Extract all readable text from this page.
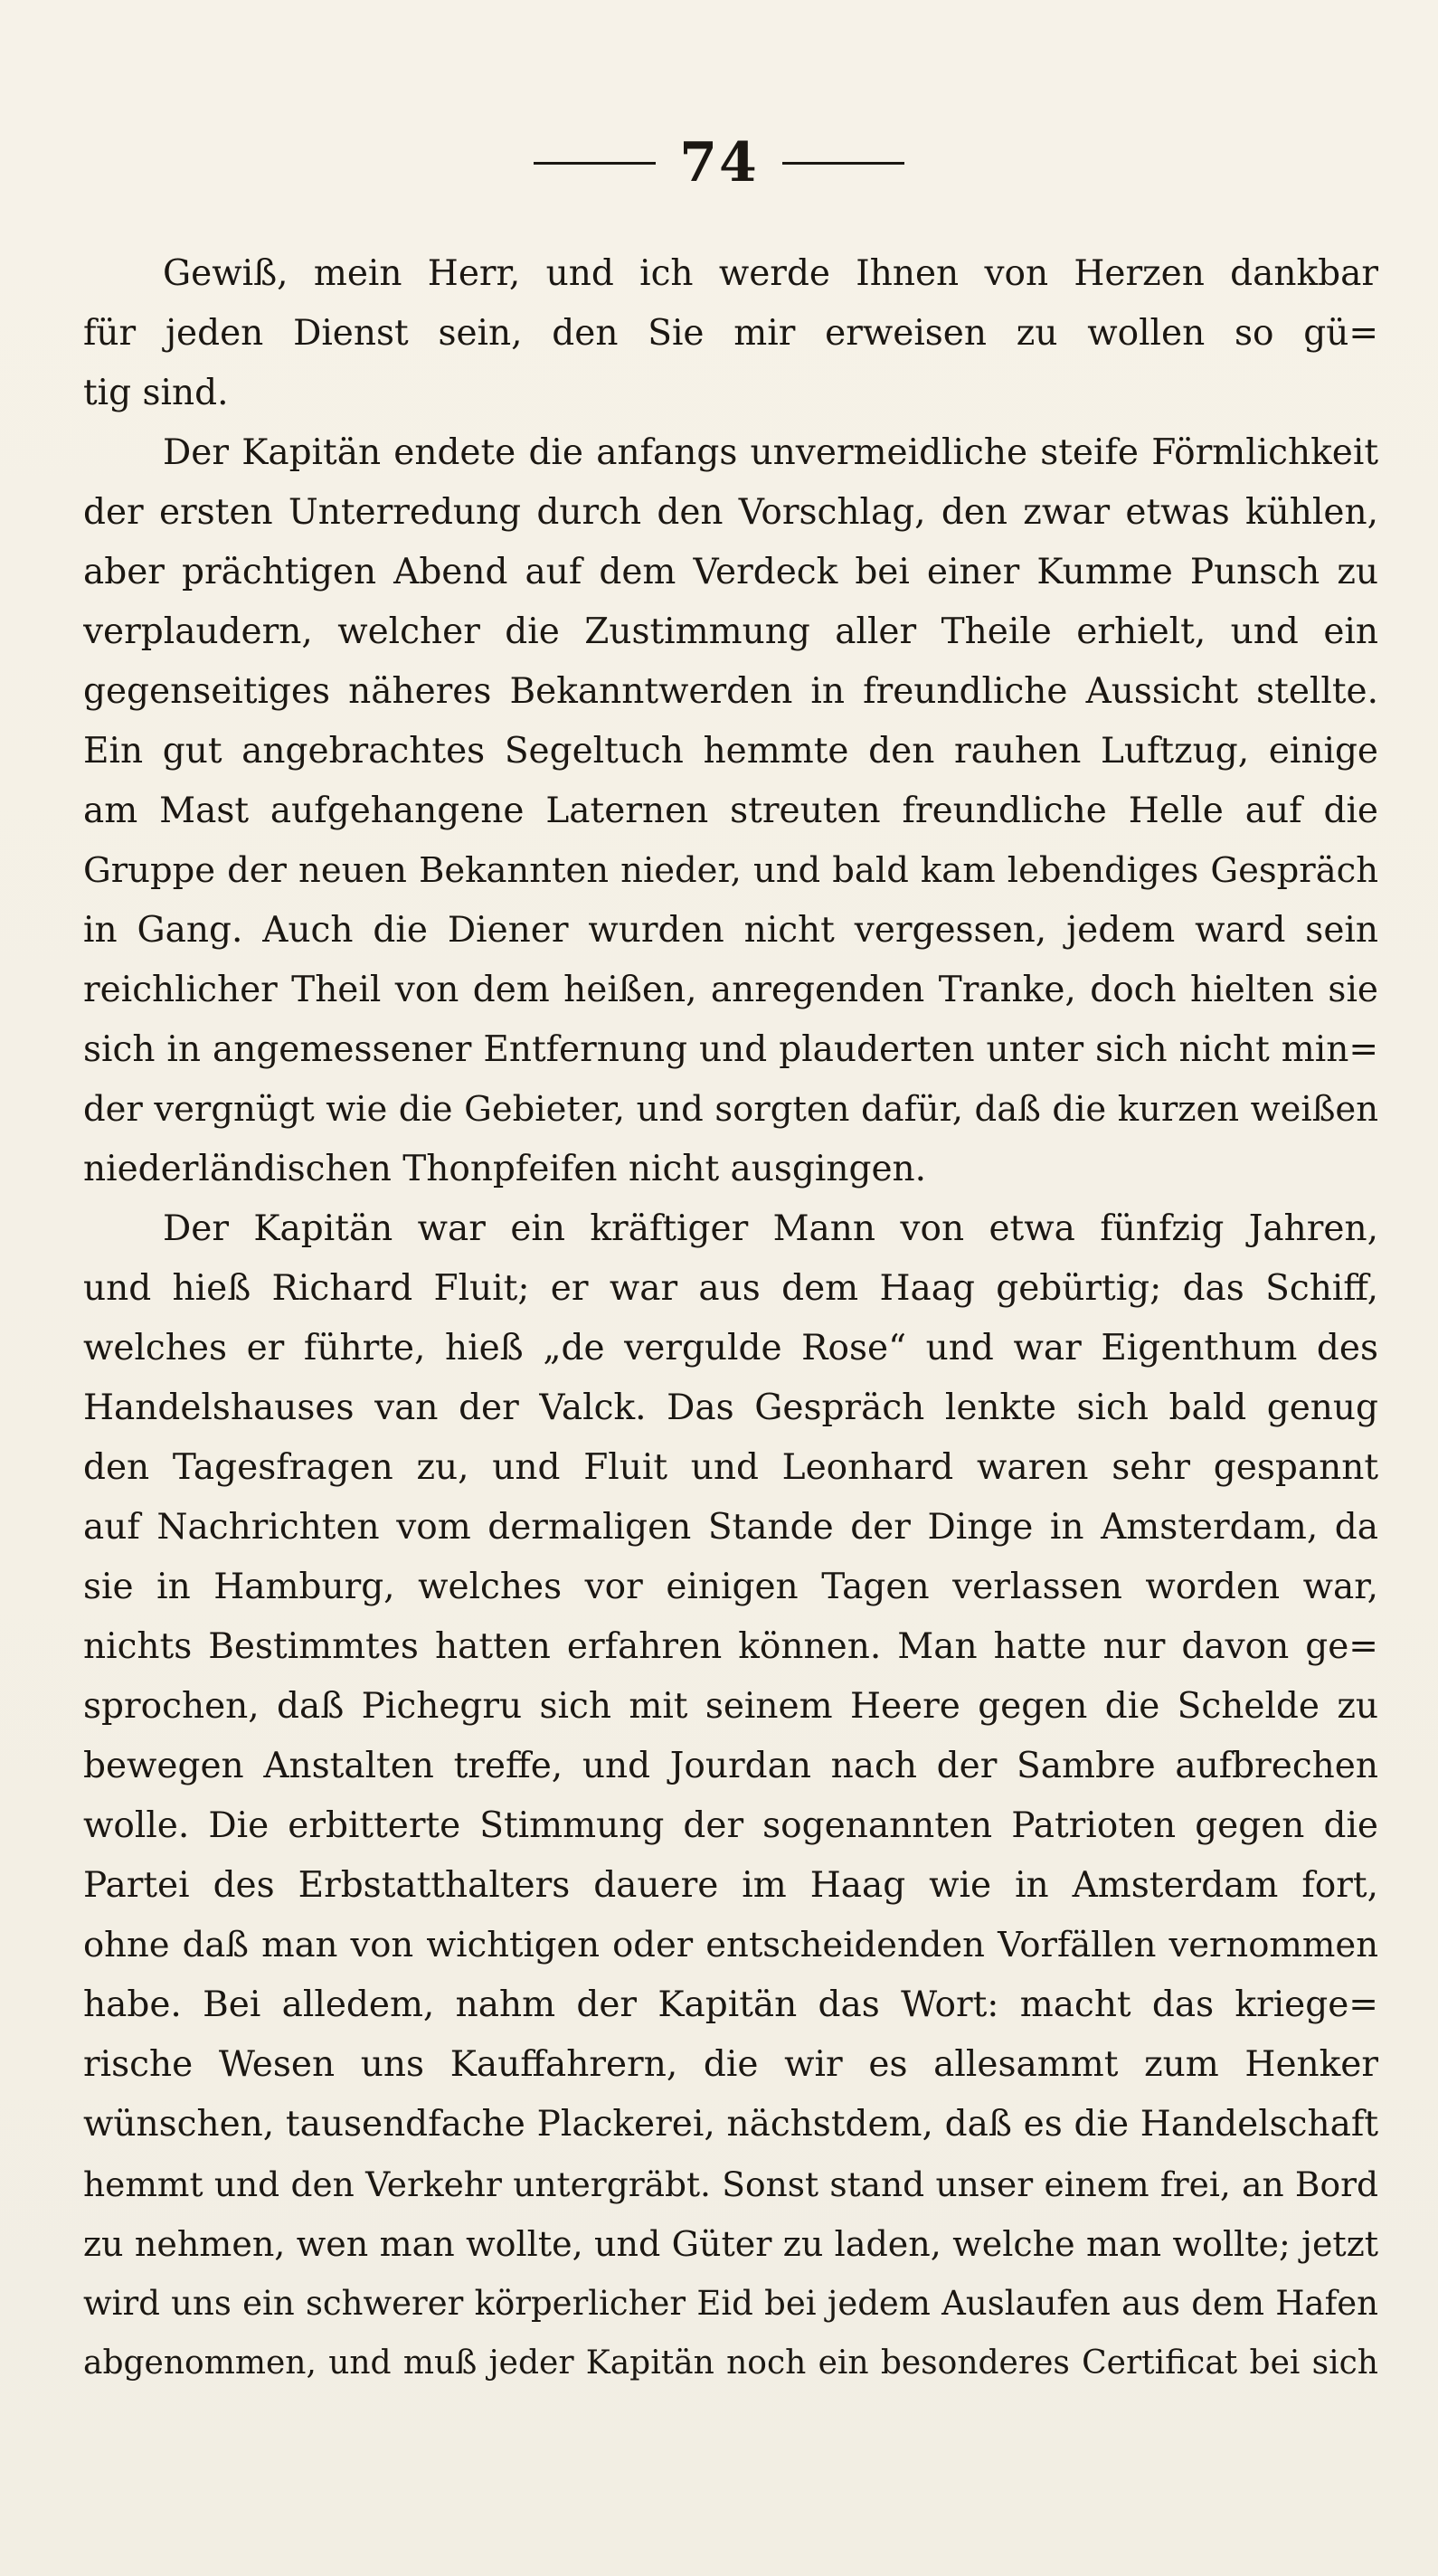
74
Gewiß, mein Herr, und ich werde Ihnen von Herzen dankbar
für jeden Dienst sein, den Sie mir erweisen zu wollen so gü=
tig sind.
Der Kapitän endete die anfangs unvermeidliche steife Förmlichkeit
der ersten Unterredung durch den Vorschlag, den zwar etwas kühlen,
aber prächtigen Abend auf dem Verdeck bei einer Kumme Punsch zu
verplaudern, welcher die Zustimmung aller Theile erhielt, und ein
gegenseitiges näheres Bekanntwerden in freundliche Aussicht stellte.
Ein gut angebrachtes Segeltuch hemmte den rauhen Luftzug, einige
am Mast aufgehangene Laternen streuten freundliche Helle auf die
Gruppe der neuen Bekannten nieder, und bald kam lebendiges Gespräch
in Gang. Auch die Diener wurden nicht vergessen, jedem ward sein
reichlicher Theil von dem heißen, anregenden Tranke, doch hielten sie
sich in angemessener Entfernung und plauderten unter sich nicht min=
der vergnügt wie die Gebieter, und sorgten dafür, daß die kurzen weißen
niederländischen Thonpfeifen nicht ausgingen.
Der Kapitän war ein kräftiger Mann von etwa fünfzig Jahren,
und hieß Richard Fluit; er war aus dem Haag gebürtig; das Schiff,
welches er führte, hieß „de vergulde Rose“ und war Eigenthum des
Handelshauses van der Valck. Das Gespräch lenkte sich bald genug
den Tagesfragen zu, und Fluit und Leonhard waren sehr gespannt
auf Nachrichten vom dermaligen Stande der Dinge in Amsterdam, da
sie in Hamburg, welches vor einigen Tagen verlassen worden war,
nichts Bestimmtes hatten erfahren können. Man hatte nur davon ge=
sprochen, daß Pichegru sich mit seinem Heere gegen die Schelde zu
bewegen Anstalten treffe, und Jourdan nach der Sambre aufbrechen
wolle. Die erbitterte Stimmung der sogenannten Patrioten gegen die
Partei des Erbstatthalters dauere im Haag wie in Amsterdam fort,
ohne daß man von wichtigen oder entscheidenden Vorfällen vernommen
habe. Bei alledem, nahm der Kapitän das Wort: macht das kriege=
rische Wesen uns Kauffahrern, die wir es allesammt zum Henker
wünschen, tausendfache Plackerei, nächstdem, daß es die Handelschaft
hemmt und den Verkehr untergräbt. Sonst stand unser einem frei, an Bord
zu nehmen, wen man wollte, und Güter zu laden, welche man wollte; jetzt
wird uns ein schwerer körperlicher Eid bei jedem Auslaufen aus dem Hafen
abgenommen, und muß jeder Kapitän noch ein besonderes Certificat bei sich
